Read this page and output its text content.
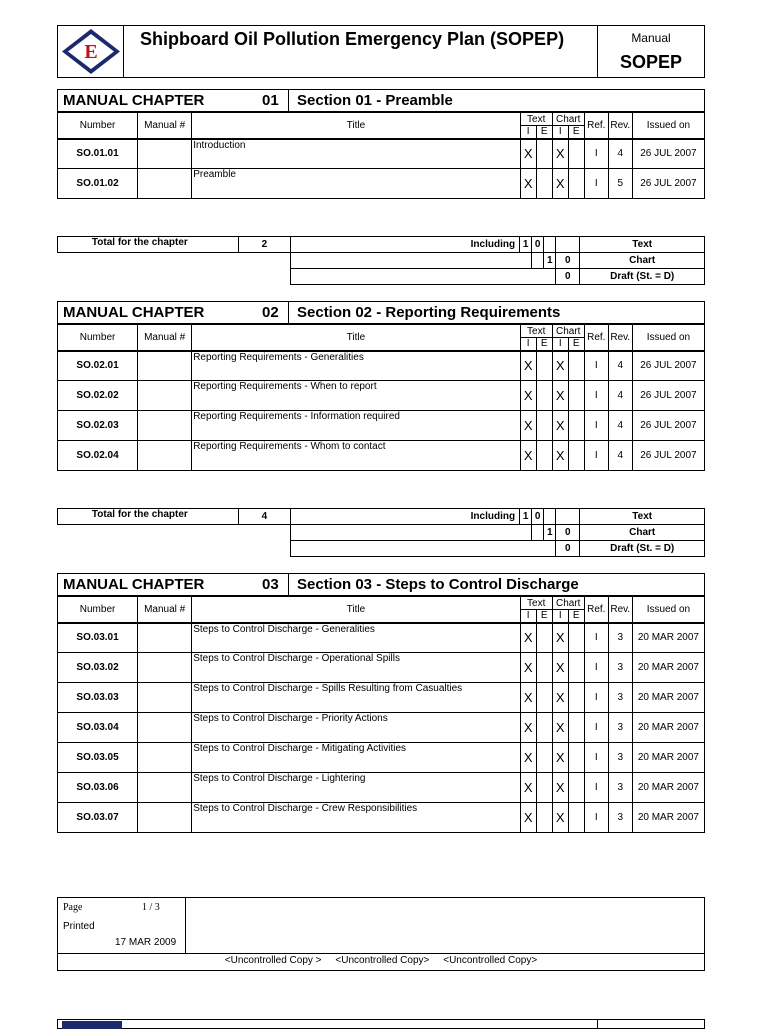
E
Shipboard Oil Pollution Emergency Plan (SOPEP)	Manual
SOPEP
MANUAL CHAPTER	01 Section 01 - Preamble
Number	Manual #	Title	Text		Chart		Ref.	Rev.	Issued on
			I	E	I	E			
SO.01.01		Introduction	X		X		I	4	26 JUL 2007
SO.01.02		Preamble	X		X		I	5	26 JUL 2007
Total for the chapter	2	Including	1	0			Text
					1	0	Chart
						0	Draft (St. = D)
MANUAL CHAPTER	02 Section 02 - Reporting Requirements
Number	Manual #	Title	Text		Chart		Ref.	Rev.	Issued on
			I	E	I	E			
SO.02.01		Reporting Requirements - Generalities	X		X		I	4	26 JUL 2007
SO.02.02		Reporting Requirements - When to report	X		X		I	4	26 JUL 2007
SO.02.03		Reporting Requirements - Information required	X		X		I	4	26 JUL 2007
SO.02.04		Reporting Requirements - Whom to contact	X		X		I	4	26 JUL 2007
Total for the chapter	4	Including	1	0			Text
					1	0	Chart
						0	Draft (St. = D)
MANUAL CHAPTER	03 Section 03 - Steps to Control Discharge
Number	Manual #	Title	Text		Chart		Ref.	Rev.	Issued on
			I	E	I	E			
SO.03.01		Steps to Control Discharge - Generalities	X		X		I	3	20 MAR 2007
SO.03.02		Steps to Control Discharge - Operational Spills	X		X		I	3	20 MAR 2007
SO.03.03		Steps to Control Discharge - Spills Resulting from Casualties	X		X		I	3	20 MAR 2007
SO.03.04		Steps to Control Discharge - Priority Actions	X		X		I	3	20 MAR 2007
SO.03.05		Steps to Control Discharge - Mitigating Activities	X		X		I	3	20 MAR 2007
SO.03.06		Steps to Control Discharge - Lightering	X		X		I	3	20 MAR 2007
SO.03.07		Steps to Control Discharge - Crew Responsibilities	X		X		I	3	20 MAR 2007
Page	1 / 3
Printed
17 MAR 2009
<Uncontrolled Copy >     <Uncontrolled Copy>     <Uncontrolled Copy>
